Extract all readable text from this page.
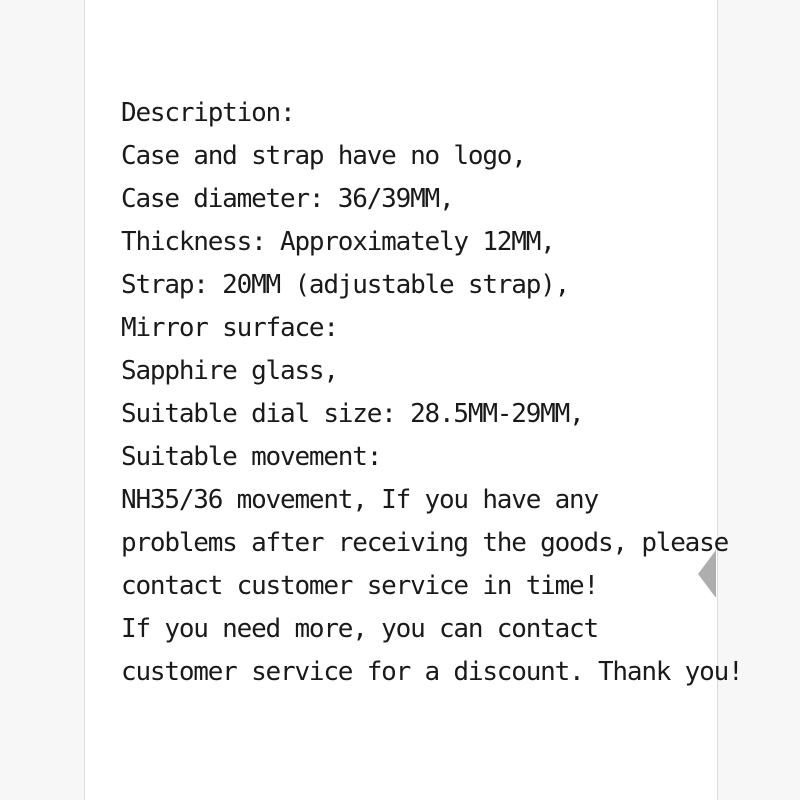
Description:
Case and strap have no logo,
Case diameter: 36/39MM,
Thickness: Approximately 12MM,
Strap: 20MM (adjustable strap),
Mirror surface:
Sapphire glass,
Suitable dial size: 28.5MM-29MM,
Suitable movement:
NH35/36 movement, If you have any
problems after receiving the goods, please
contact customer service in time!
If you need more, you can contact
customer service for a discount. Thank you!
